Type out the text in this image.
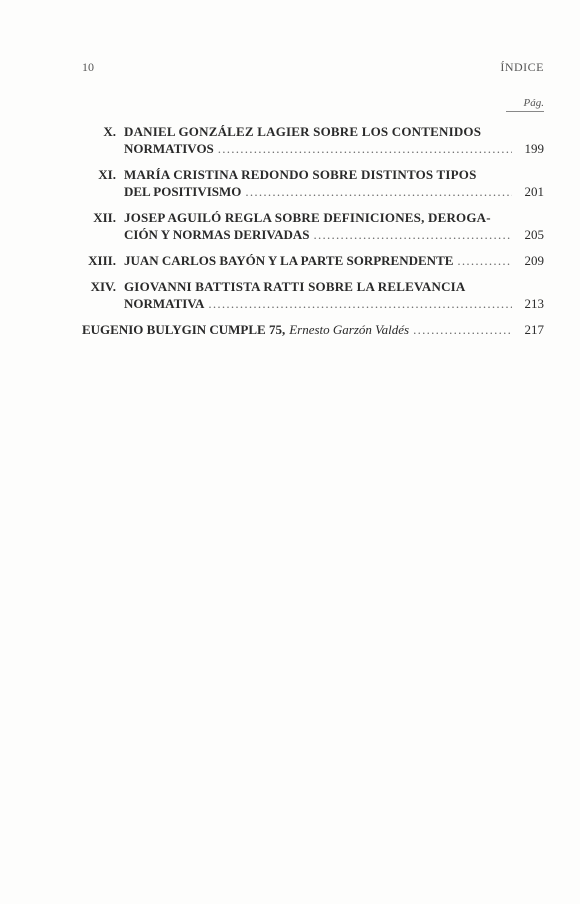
10	ÍNDICE
Pág.
X. DANIEL GONZÁLEZ LAGIER SOBRE LOS CONTENIDOS
NORMATIVOS . . .	199
XI. MARÍA CRISTINA REDONDO SOBRE DISTINTOS TIPOS
DEL POSITIVISMO . . .	201
XII. JOSEP AGUILÓ REGLA SOBRE DEFINICIONES, DEROGA-
CIÓN Y NORMAS DERIVADAS . . .	205
XIII. JUAN CARLOS BAYÓN Y LA PARTE SORPRENDENTE . . .	209
XIV. GIOVANNI BATTISTA RATTI SOBRE LA RELEVANCIA
NORMATIVA . . .	213
EUGENIO BULYGIN CUMPLE 75, Ernesto Garzón Valdés . . .	217
